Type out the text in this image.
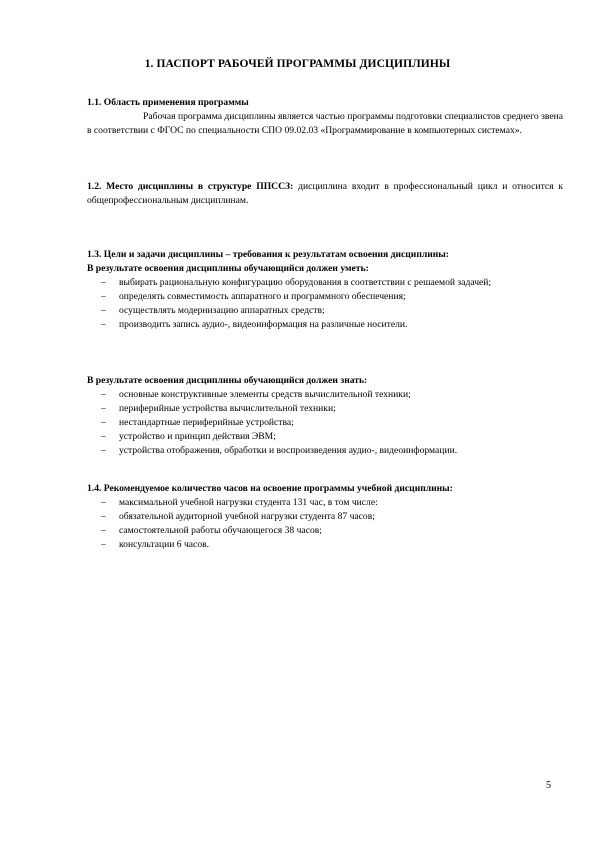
1. ПАСПОРТ РАБОЧЕЙ ПРОГРАММЫ ДИСЦИПЛИНЫ
1.1. Область применения программы
Рабочая программа дисциплины является частью программы подготовки специалистов среднего звена в соответствии с ФГОС по специальности СПО 09.02.03 «Программирование в компьютерных системах».
1.2. Место дисциплины в структуре ППССЗ: дисциплина входит в профессиональный цикл и относится к общепрофессиональным дисциплинам.
1.3. Цели и задачи дисциплины – требования к результатам освоения дисциплины:
В результате освоения дисциплины обучающийся должен уметь:
– выбирать рациональную конфигурацию оборудования в соответствии с решаемой задачей;
– определять совместимость аппаратного и программного обеспечения;
– осуществлять модернизацию аппаратных средств;
– производить запись аудио-, видеоинформация на различные носители.
В результате освоения дисциплины обучающийся должен знать:
– основные конструктивные элементы средств вычислительной техники;
– периферийные устройства вычислительной техники;
– нестандартные периферийные устройства;
– устройство и принцип действия ЭВМ;
– устройства отображения, обработки и воспроизведения аудио-, видеоинформации.
1.4. Рекомендуемое количество часов на освоение программы учебной дисциплины:
– максимальной учебной нагрузки студента 131 час, в том числе:
– обязательной аудиторной учебной нагрузки студента 87 часов;
– самостоятельной работы обучающегося 38 часов;
– консультации 6 часов.
5
